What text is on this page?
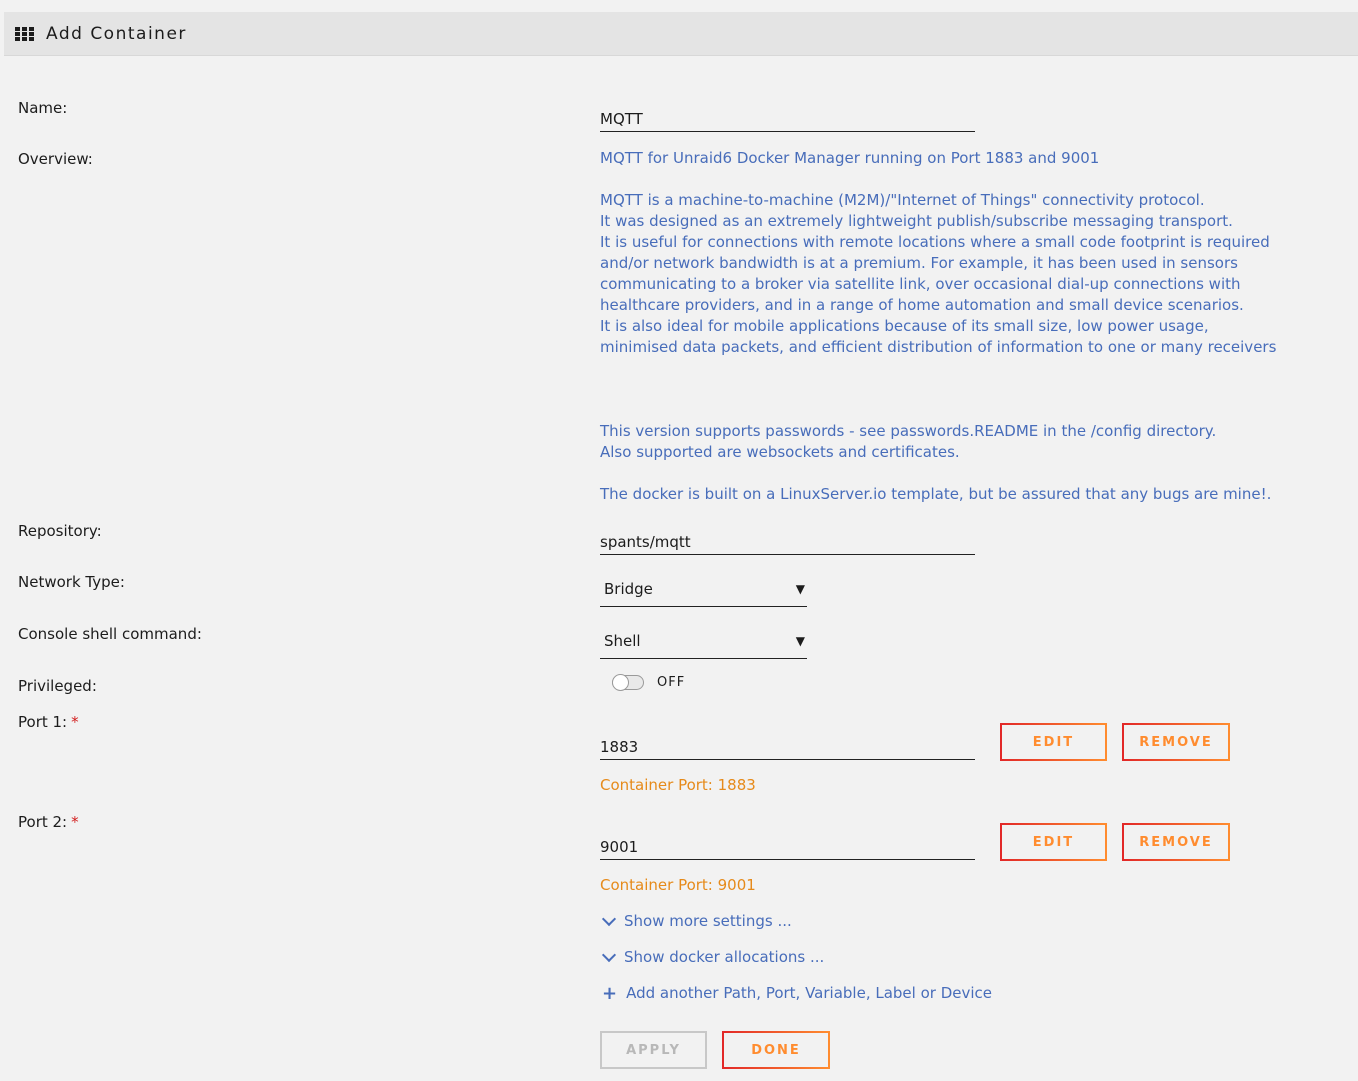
Add Container
Name:
MQTT
Overview:	MQTT for Unraid6 Docker Manager running on Port 1883 and 9001

MQTT is a machine-to-machine (M2M)/"Internet of Things" connectivity protocol.

It was designed as an extremely lightweight publish/subscribe messaging transport.

It is useful for connections with remote locations where a small code footprint is required

and/or network bandwidth is at a premium. For example, it has been used in sensors

communicating to a broker via satellite link, over occasional dial-up connections with

healthcare providers, and in a range of home automation and small device scenarios.

It is also ideal for mobile applications because of its small size, low power usage,

minimised data packets, and efficient distribution of information to one or many receivers

This version supports passwords - see passwords.README in the /config directory.

Also supported are websockets and certificates.

The docker is built on a LinuxServer.io template, but be assured that any bugs are mine!.

Repository:
spants/mqtt
Network Type:	Bridge	▼
Console shell command:	Shell	▼
Privileged:	OFF
Port 1: *
1883
EDIT	REMOVE
Container Port: 1883
Port 2: *
9001
EDIT	REMOVE
Container Port: 9001
Show more settings ...
Show docker allocations ...
+ Add another Path, Port, Variable, Label or Device
APPLY	DONE
